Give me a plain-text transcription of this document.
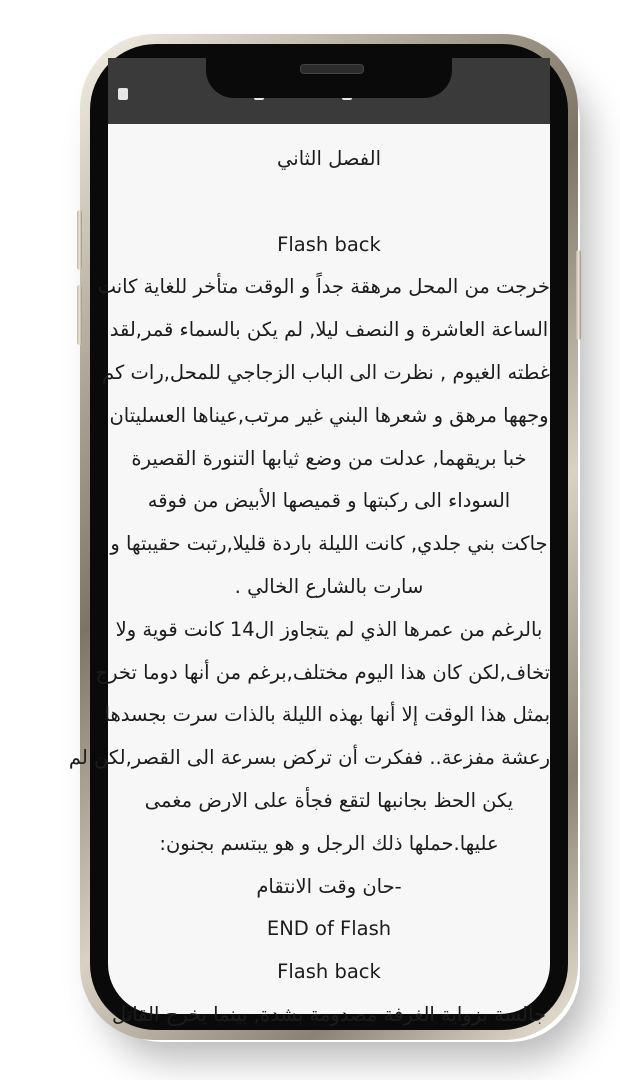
الفصل الثاني
Flash back
خرجت من المحل مرهقة جداً و الوقت متأخر للغاية كانت
الساعة العاشرة و النصف ليلا, لم يكن بالسماء قمر,لقد
غطته الغيوم , نظرت الى الباب الزجاجي للمحل,رات كم
وجهها مرهق و شعرها البني غير مرتب,عيناها العسليتان
خبا بريقهما, عدلت من وضع ثيابها التنورة القصيرة
السوداء الى ركبتها و قميصها الأبيض من فوقه
جاكت بني جلدي, كانت الليلة باردة قليلا,رتبت حقيبتها و
سارت بالشارع الخالي .
بالرغم من عمرها الذي لم يتجاوز ال14 كانت قوية ولا
تخاف,لكن كان هذا اليوم مختلف,برغم من أنها دوما تخرج
بمثل هذا الوقت إلا أنها بهذه الليلة بالذات سرت بجسدها
رعشة مفزعة.. ففكرت أن تركض بسرعة الى القصر,لكن لم
يكن الحظ بجانبها لتقع فجأة على الارض مغمى
عليها.حملها ذلك الرجل و هو يبتسم بجنون:
-حان وقت الانتقام
END of Flash
Flash back
جالسة بزواية الغرفة مصدومة بشدة, بينما يخرج القاتل
